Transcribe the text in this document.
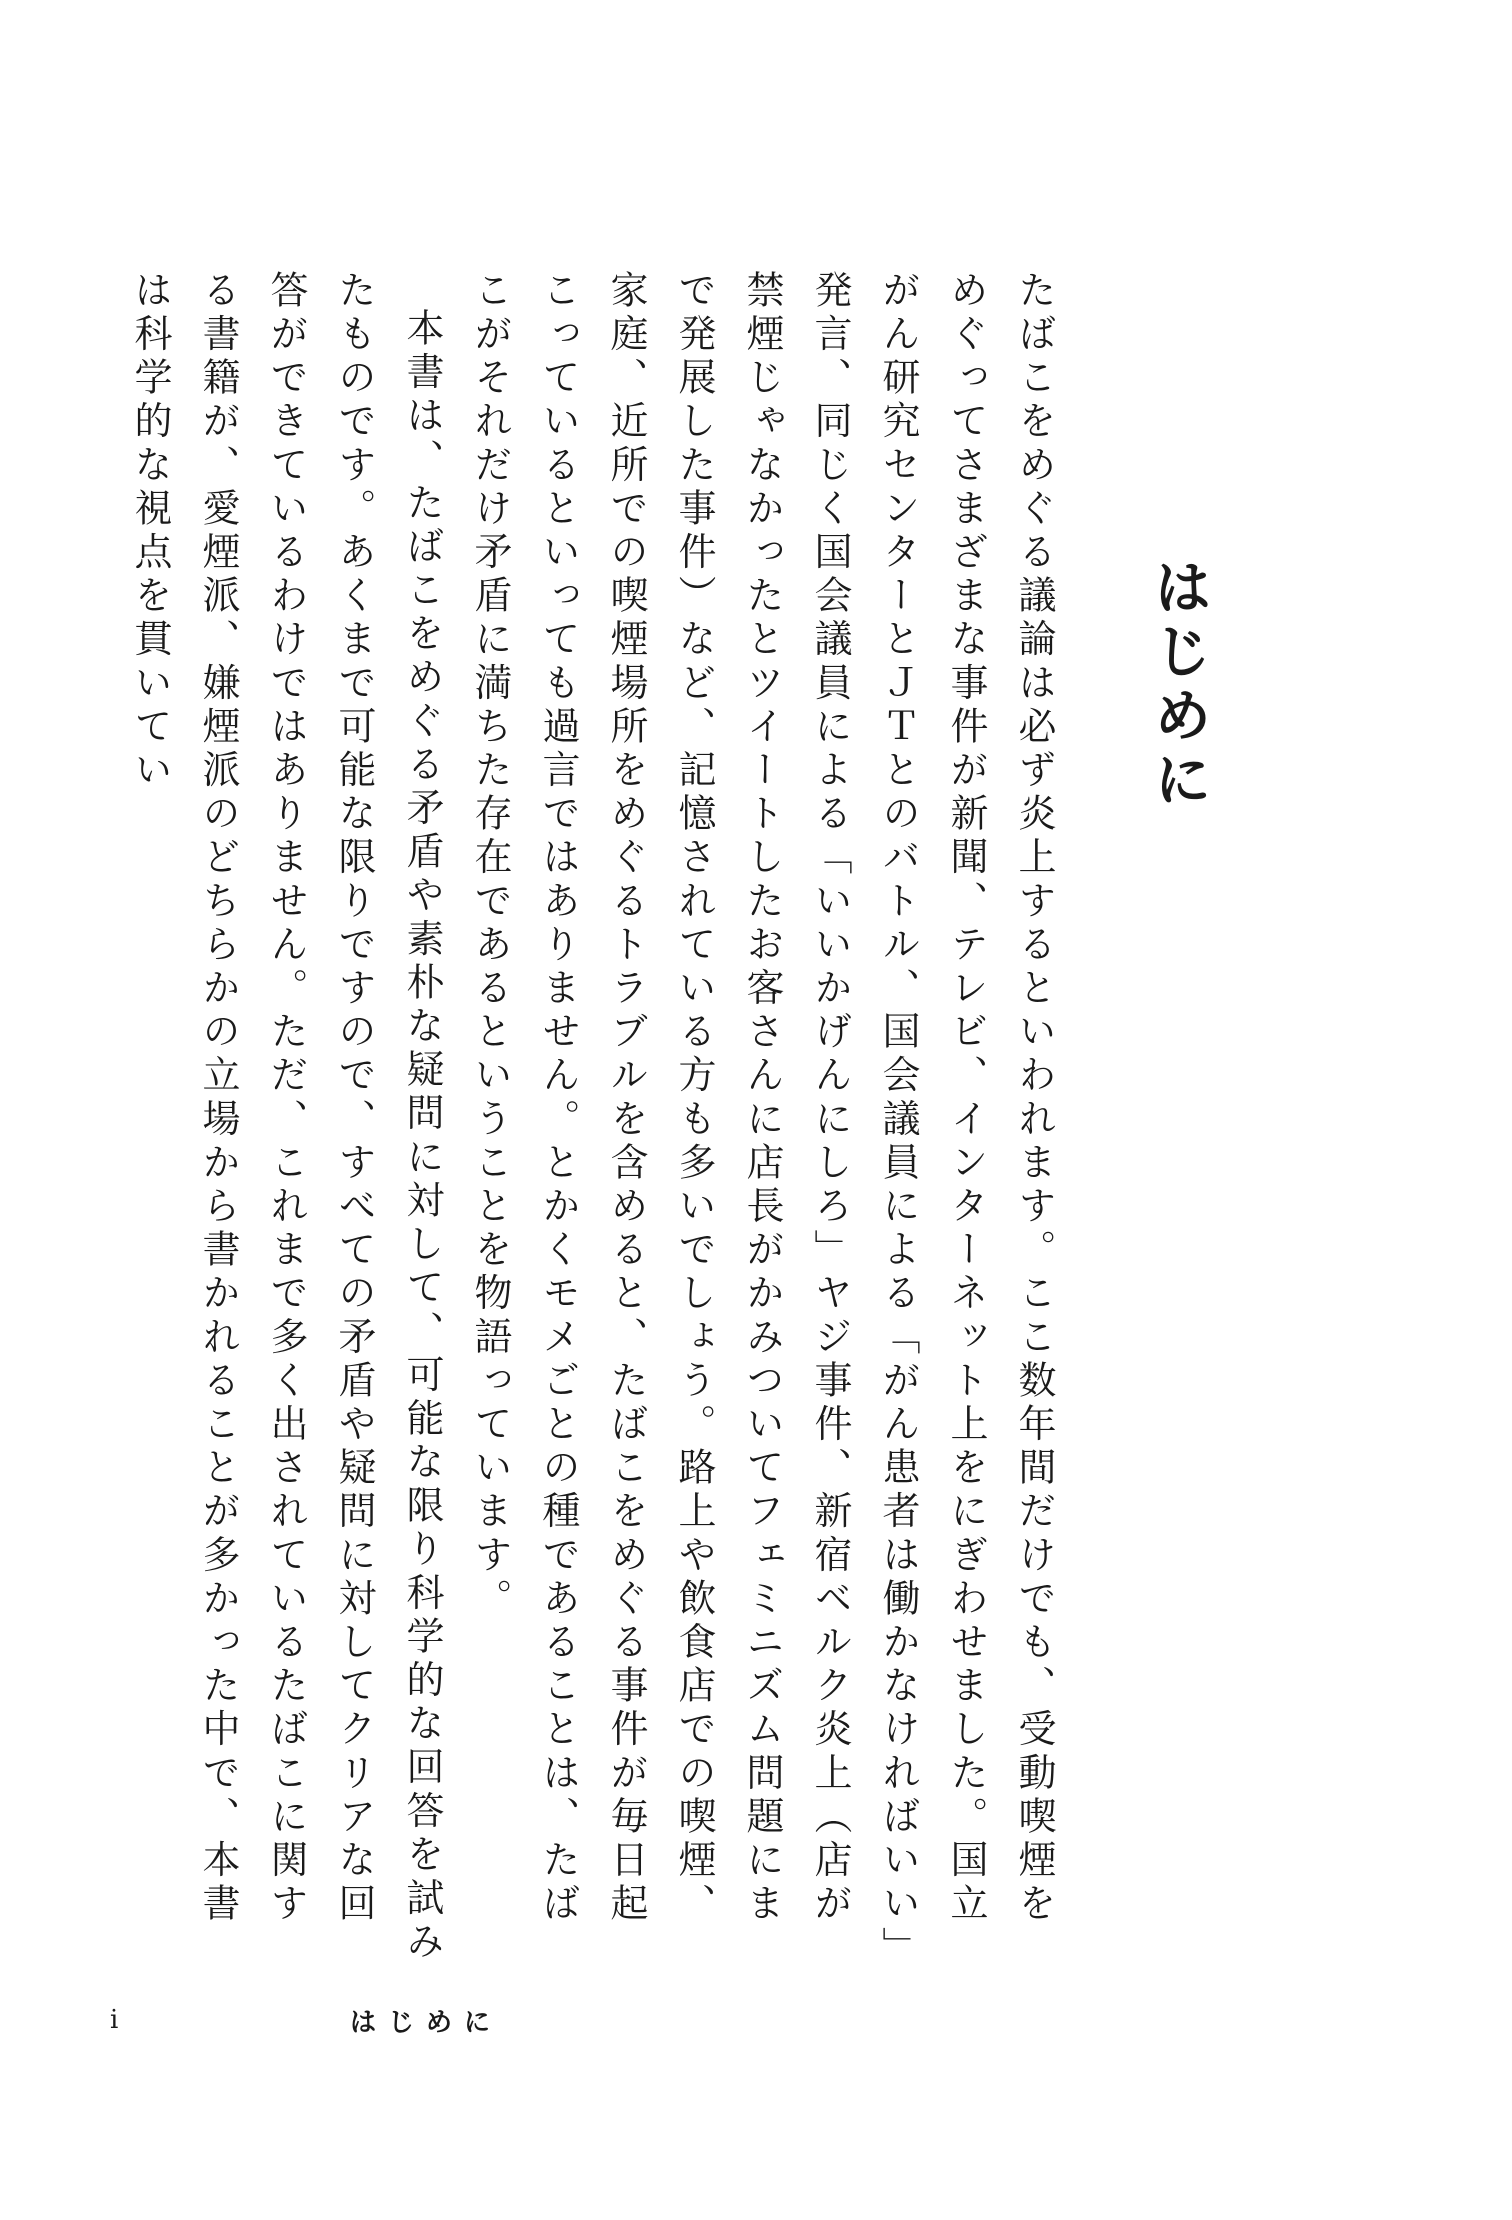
はじめに

たばこをめぐる議論は必ず炎上するといわれます。ここ数年間だけでも、受動喫煙をめぐってさまざまな事件が新聞、テレビ、インターネット上をにぎわせました。国立がん研究センターとＪＴとのバトル、国会議員による「がん患者は働かなければいい」発言、同じく国会議員による「いいかげんにしろ」ヤジ事件、新宿ベルク炎上（店が禁煙じゃなかったとツイートしたお客さんに店長がかみついてフェミニズム問題にまで発展した事件）など、記憶されている方も多いでしょう。路上や飲食店での喫煙、家庭、近所での喫煙場所をめぐるトラブルを含めると、たばこをめぐる事件が毎日起こっているといっても過言ではありません。とかくモメごとの種であることは、たばこがそれだけ矛盾に満ちた存在であるということを物語っています。

本書は、たばこをめぐる矛盾や素朴な疑問に対して、可能な限り科学的な回答を試みたものです。あくまで可能な限りですので、すべての矛盾や疑問に対してクリアな回答ができているわけではありません。ただ、これまで多く出されているたばこに関する書籍が、愛煙派、嫌煙派のどちらかの立場から書かれることが多かった中で、本書は科学的な視点を貫いてい

i	はじめに
